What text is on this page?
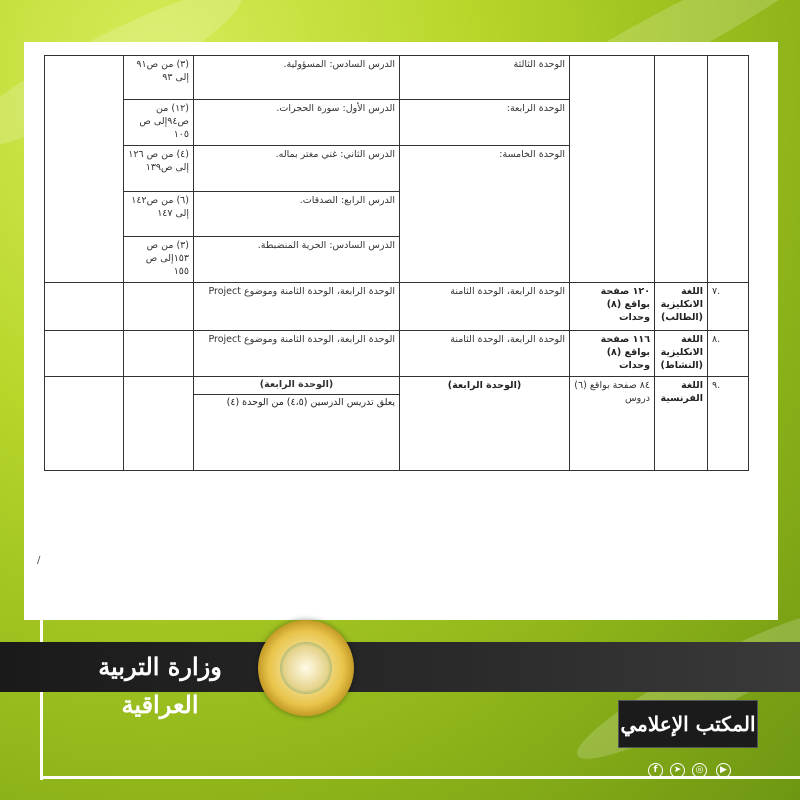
			الوحدة الثالثة	الدرس السادس: المسؤولية.	(٣) من ص٩١ إلى ٩٣	
			الوحدة الرابعة:	الدرس الأول: سورة الحجرات.	(١٢) من ص٩٤إلى ص ١٠٥	
			الوحدة الخامسة:	الدرس الثاني: غني مغتر بماله.	(٤) من ص ١٢٦ إلى ص١٣٩	
				الدرس الرابع: الصدقات.	(٦) من ص١٤٢ إلى ١٤٧	
				الدرس السادس: الحرية المنضبطة.	(٣) من ص ١٥٣إلى ص ١٥٥	
.٧	اللغة الانكليزية (الطالب)	١٢٠ صفحة بواقع (٨) وحدات	الوحدة الرابعة، الوحدة الثامنة	الوحدة الرابعة، الوحدة الثامنة وموضوع Project		
.٨	اللغة الانكليزية (النشاط)	١١٦ صفحة بواقع (٨) وحدات	الوحدة الرابعة، الوحدة الثامنة	الوحدة الرابعة، الوحدة الثامنة وموضوع Project		
.٩	اللغة الفرنسية	٨٤ صفحة بواقع (٦) دروس	(الوحدة الرابعة)	(الوحدة الرابعة)
يعلق تدريس الدرسين (٤،٥) من الوحدة (٤)		

/
وزارة التربية العراقية
المكتب الإعلامي
f	➤	◎	▶
